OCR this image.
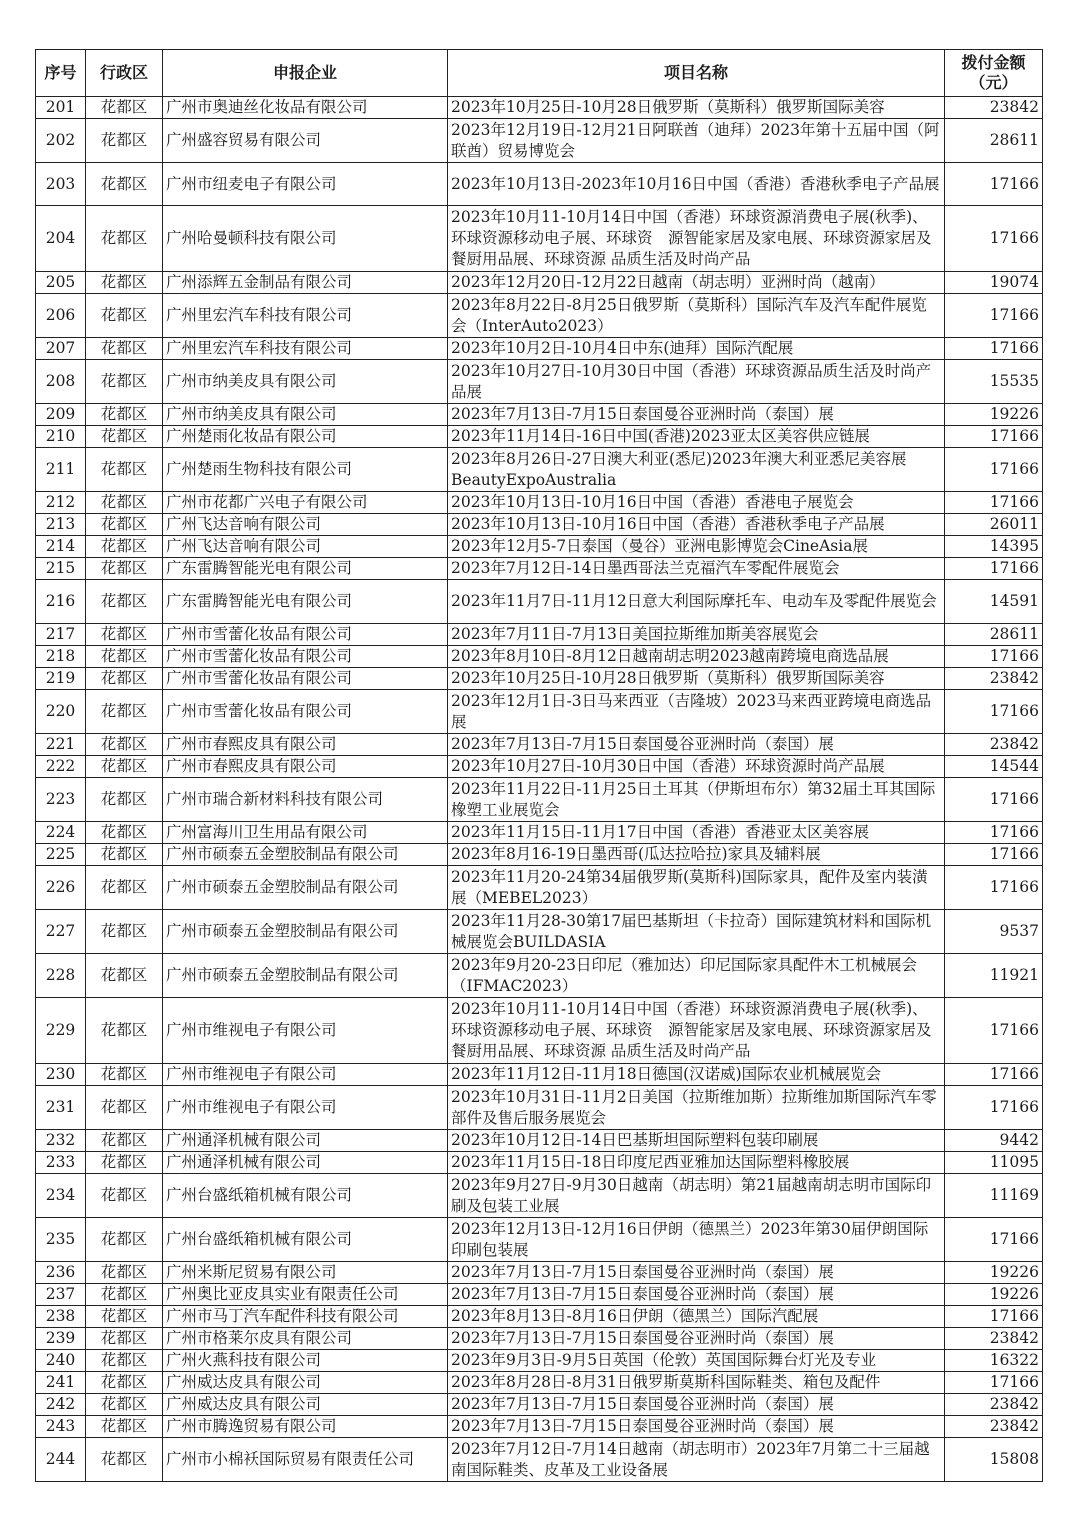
序号	行政区	申报企业	项目名称	拨付金额
（元）

201	花都区	广州市奥迪丝化妆品有限公司	2023年10月25日-10月28日俄罗斯（莫斯科）俄罗斯国际美容	23842
202	花都区	广州盛容贸易有限公司	2023年12月19日-12月21日阿联酋（迪拜）2023年第十五届中国（阿联酋）贸易博览会	28611
203	花都区	广州市纽麦电子有限公司	2023年10月13日-2023年10月16日中国（香港）香港秋季电子产品展	17166
204	花都区	广州哈曼顿科技有限公司	2023年10月11-10月14日中国（香港）环球资源消费电子展(秋季)、环球资源移动电子展、环球资　源智能家居及家电展、环球资源家居及餐厨用品展、环球资源 品质生活及时尚产品	17166
205	花都区	广州添辉五金制品有限公司	2023年12月20日-12月22日越南（胡志明）亚洲时尚（越南）	19074
206	花都区	广州里宏汽车科技有限公司	2023年8月22日-8月25日俄罗斯（莫斯科）国际汽车及汽车配件展览会（InterAuto2023）	17166
207	花都区	广州里宏汽车科技有限公司	2023年10月2日-10月4日中东(迪拜）国际汽配展	17166
208	花都区	广州市纳美皮具有限公司	2023年10月27日-10月30日中国（香港）环球资源品质生活及时尚产品展	15535
209	花都区	广州市纳美皮具有限公司	2023年7月13日-7月15日泰国曼谷亚洲时尚（泰国）展	19226
210	花都区	广州楚雨化妆品有限公司	2023年11月14日-16日中国(香港)2023亚太区美容供应链展	17166
211	花都区	广州楚雨生物科技有限公司	2023年8月26日-27日澳大利亚(悉尼)2023年澳大利亚悉尼美容展BeautyExpoAustralia	17166
212	花都区	广州市花都广兴电子有限公司	2023年10月13日-10月16日中国（香港）香港电子展览会	17166
213	花都区	广州飞达音响有限公司	2023年10月13日-10月16日中国（香港）香港秋季电子产品展	26011
214	花都区	广州飞达音响有限公司	2023年12月5-7日泰国（曼谷）亚洲电影博览会CineAsia展	14395
215	花都区	广东雷腾智能光电有限公司	2023年7月12日-14日墨西哥法兰克福汽车零配件展览会	17166
216	花都区	广东雷腾智能光电有限公司	2023年11月7日-11月12日意大利国际摩托车、电动车及零配件展览会	14591
217	花都区	广州市雪蕾化妆品有限公司	2023年7月11日-7月13日美国拉斯维加斯美容展览会	28611
218	花都区	广州市雪蕾化妆品有限公司	2023年8月10日-8月12日越南胡志明2023越南跨境电商选品展	17166
219	花都区	广州市雪蕾化妆品有限公司	2023年10月25日-10月28日俄罗斯（莫斯科）俄罗斯国际美容	23842
220	花都区	广州市雪蕾化妆品有限公司	2023年12月1日-3日马来西亚（吉隆坡）2023马来西亚跨境电商选品展	17166
221	花都区	广州市春熙皮具有限公司	2023年7月13日-7月15日泰国曼谷亚洲时尚（泰国）展	23842
222	花都区	广州市春熙皮具有限公司	2023年10月27日-10月30日中国（香港）环球资源时尚产品展	14544
223	花都区	广州市瑞合新材料科技有限公司	2023年11月22日-11月25日土耳其（伊斯坦布尔）第32届土耳其国际橡塑工业展览会	17166
224	花都区	广州富海川卫生用品有限公司	2023年11月15日-11月17日中国（香港）香港亚太区美容展	17166
225	花都区	广州市硕泰五金塑胶制品有限公司	2023年8月16-19日墨西哥(瓜达拉哈拉)家具及辅料展	17166
226	花都区	广州市硕泰五金塑胶制品有限公司	2023年11月20-24第34届俄罗斯(莫斯科)国际家具，配件及室内装潢展（MEBEL2023）	17166
227	花都区	广州市硕泰五金塑胶制品有限公司	2023年11月28-30第17届巴基斯坦（卡拉奇）国际建筑材料和国际机械展览会BUILDASIA	9537
228	花都区	广州市硕泰五金塑胶制品有限公司	2023年9月20-23日印尼（雅加达）印尼国际家具配件木工机械展会（IFMAC2023）	11921
229	花都区	广州市维视电子有限公司	2023年10月11-10月14日中国（香港）环球资源消费电子展(秋季)、环球资源移动电子展、环球资　源智能家居及家电展、环球资源家居及餐厨用品展、环球资源 品质生活及时尚产品	17166
230	花都区	广州市维视电子有限公司	2023年11月12日-11月18日德国(汉诺威)国际农业机械展览会	17166
231	花都区	广州市维视电子有限公司	2023年10月31日-11月2日美国（拉斯维加斯）拉斯维加斯国际汽车零部件及售后服务展览会	17166
232	花都区	广州通泽机械有限公司	2023年10月12日-14日巴基斯坦国际塑料包装印刷展	9442
233	花都区	广州通泽机械有限公司	2023年11月15日-18日印度尼西亚雅加达国际塑料橡胶展	11095
234	花都区	广州台盛纸箱机械有限公司	2023年9月27日-9月30日越南（胡志明）第21届越南胡志明市国际印刷及包装工业展	11169
235	花都区	广州台盛纸箱机械有限公司	2023年12月13日-12月16日伊朗（德黑兰）2023年第30届伊朗国际印刷包装展	17166
236	花都区	广州米斯尼贸易有限公司	2023年7月13日-7月15日泰国曼谷亚洲时尚（泰国）展	19226
237	花都区	广州奥比亚皮具实业有限责任公司	2023年7月13日-7月15日泰国曼谷亚洲时尚（泰国）展	19226
238	花都区	广州市马丁汽车配件科技有限公司	2023年8月13日-8月16日伊朗（德黑兰）国际汽配展	17166
239	花都区	广州市格莱尔皮具有限公司	2023年7月13日-7月15日泰国曼谷亚洲时尚（泰国）展	23842
240	花都区	广州火燕科技有限公司	2023年9月3日-9月5日英国（伦敦）英国国际舞台灯光及专业	16322
241	花都区	广州威达皮具有限公司	2023年8月28日-8月31日俄罗斯莫斯科国际鞋类、箱包及配件	17166
242	花都区	广州威达皮具有限公司	2023年7月13日-7月15日泰国曼谷亚洲时尚（泰国）展	23842
243	花都区	广州市腾逸贸易有限公司	2023年7月13日-7月15日泰国曼谷亚洲时尚（泰国）展	23842
244	花都区	广州市小棉袄国际贸易有限责任公司	2023年7月12日-7月14日越南（胡志明市）2023年7月第二十三届越南国际鞋类、皮革及工业设备展	15808
